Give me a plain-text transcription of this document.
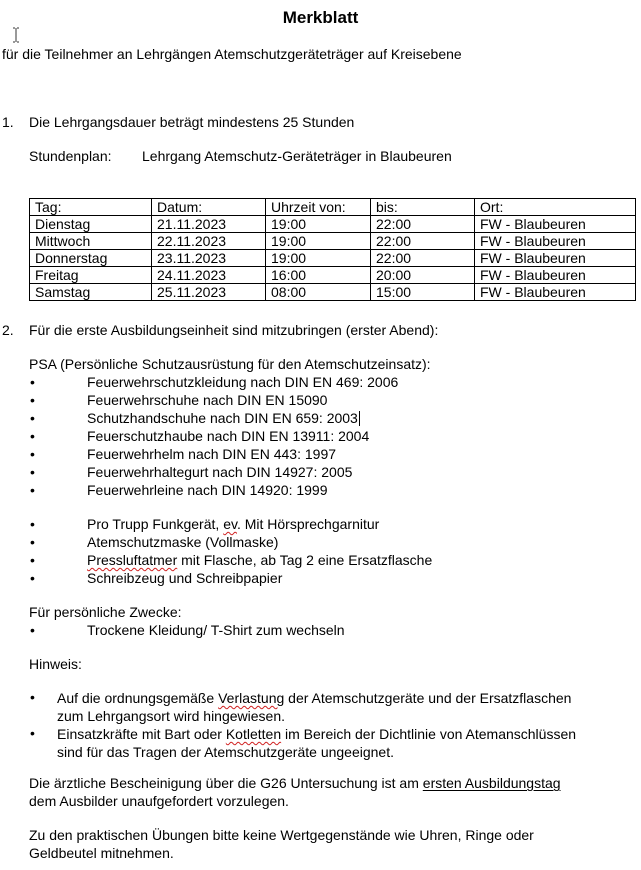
Merkblatt
für die Teilnehmer an Lehrgängen Atemschutzgeräteträger auf Kreisebene
1.	Die Lehrgangsdauer beträgt mindestens 25 Stunden
Stundenplan: Lehrgang Atemschutz-Geräteträger in Blaubeuren
Tag:	Datum:	Uhrzeit von:	bis:	Ort:
Dienstag	21.11.2023	19:00	22:00	FW - Blaubeuren
Mittwoch	22.11.2023	19:00	22:00	FW - Blaubeuren
Donnerstag	23.11.2023	19:00	22:00	FW - Blaubeuren
Freitag	24.11.2023	16:00	20:00	FW - Blaubeuren
Samstag	25.11.2023	08:00	15:00	FW - Blaubeuren
2.	Für die erste Ausbildungseinheit sind mitzubringen (erster Abend):
PSA (Persönliche Schutzausrüstung für den Atemschutzeinsatz):
•	Feuerwehrschutzkleidung nach DIN EN 469: 2006
•	Feuerwehrschuhe nach DIN EN 15090
•	Schutzhandschuhe nach DIN EN 659: 2003
•	Feuerschutzhaube nach DIN EN 13911: 2004
•	Feuerwehrhelm nach DIN EN 443: 1997
•	Feuerwehrhaltegurt nach DIN 14927: 2005
•	Feuerwehrleine nach DIN 14920: 1999
•	Pro Trupp Funkgerät, ev. Mit Hörsprechgarnitur
•	Atemschutzmaske (Vollmaske)
•	Pressluftatmer mit Flasche, ab Tag 2 eine Ersatzflasche
•	Schreibzeug und Schreibpapier
Für persönliche Zwecke:
•	Trockene Kleidung/ T-Shirt zum wechseln
Hinweis:
• Auf die ordnungsgemäße Verlastung der Atemschutzgeräte und der Ersatzflaschen
zum Lehrgangsort wird hingewiesen.
• Einsatzkräfte mit Bart oder Kotletten im Bereich der Dichtlinie von Atemanschlüssen
sind für das Tragen der Atemschutzgeräte ungeeignet.
Die ärztliche Bescheinigung über die G26 Untersuchung ist am ersten Ausbildungstag
dem Ausbilder unaufgefordert vorzulegen.
Zu den praktischen Übungen bitte keine Wertgegenstände wie Uhren, Ringe oder
Geldbeutel mitnehmen.
